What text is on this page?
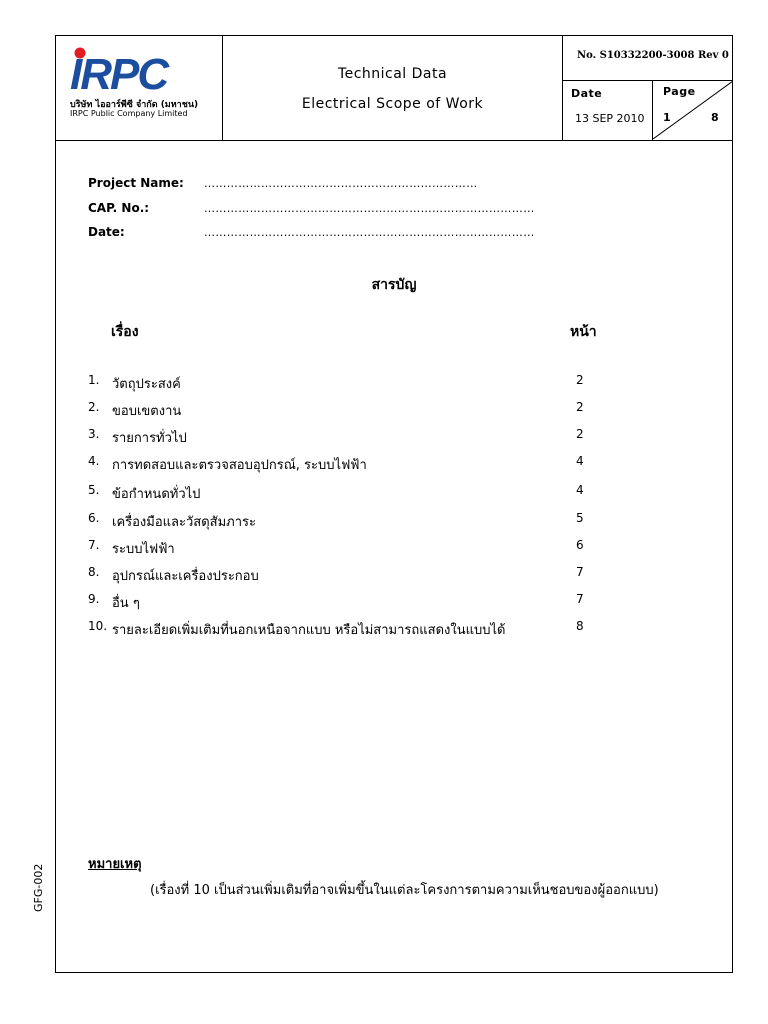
IRPC
บริษัท ไออาร์พีซี จำกัด (มหาชน)
IRPC Public Company Limited
Technical Data
Electrical Scope of Work
No. S10332200-3008 Rev 0
Date
13 SEP 2010
Page
1	8
Project Name: ………………………………………………………………
CAP. No.:	……………………………………………………………………………
Date:	……………………………………………………………………………
สารบัญ
เรื่อง	หน้า
1. วัตถุประสงค์	2
2. ขอบเขตงาน	2
3. รายการทั่วไป	2
4. การทดสอบและตรวจสอบอุปกรณ์, ระบบไฟฟ้า	4
5. ข้อกำหนดทั่วไป	4
6. เครื่องมือและวัสดุสัมภาระ	5
7. ระบบไฟฟ้า	6
8. อุปกรณ์และเครื่องประกอบ	7
9. อื่น ๆ	7
10. รายละเอียดเพิ่มเติมที่นอกเหนือจากแบบ หรือไม่สามารถแสดงในแบบได้	8
หมายเหตุ
(เรื่องที่ 10 เป็นส่วนเพิ่มเติมที่อาจเพิ่มขึ้นในแต่ละโครงการตามความเห็นชอบของผู้ออกแบบ)
GFG-002
